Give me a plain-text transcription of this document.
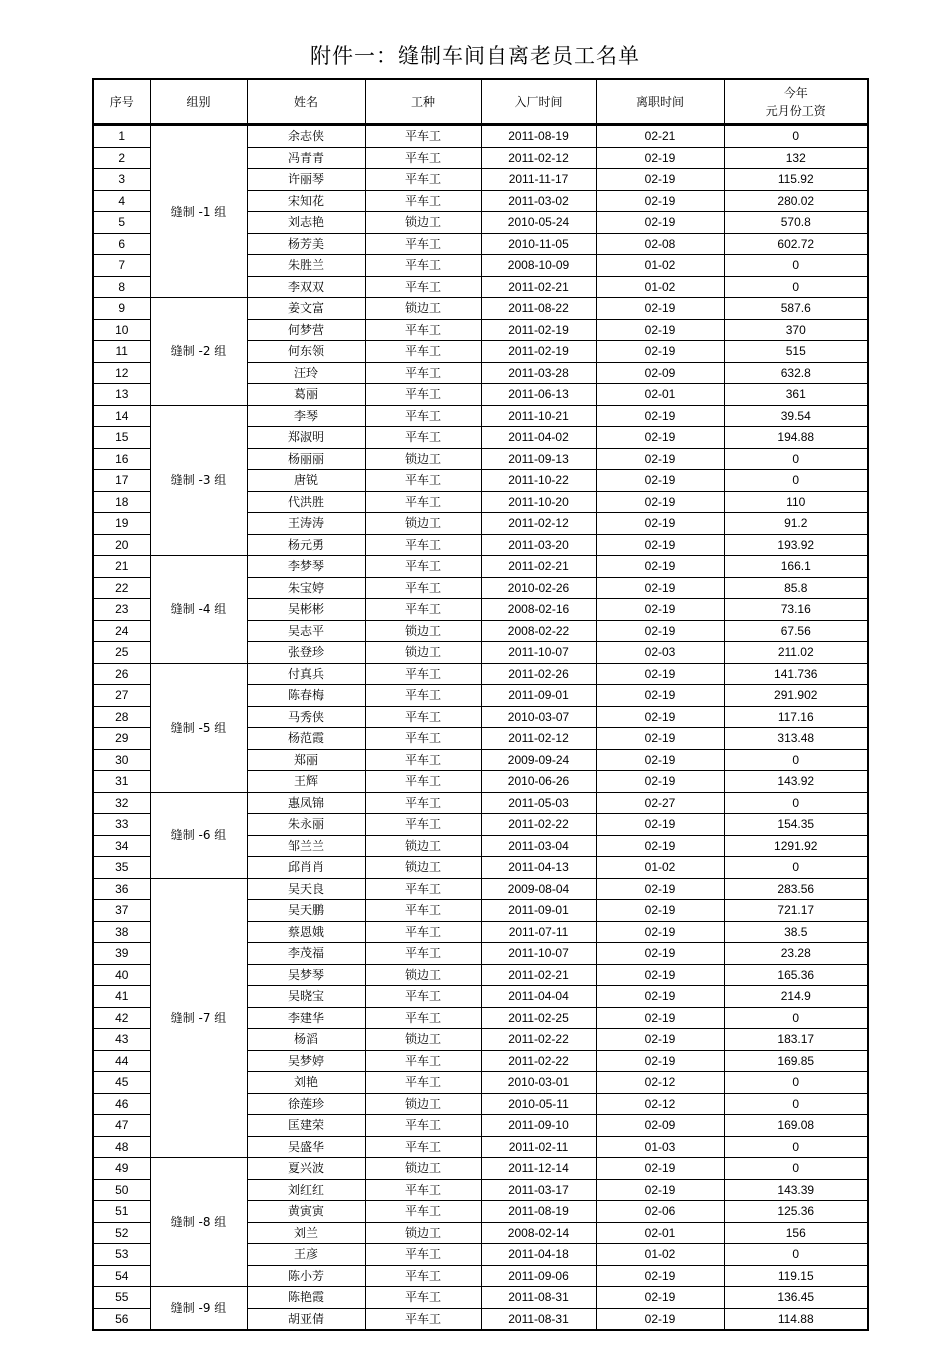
附件一：缝制车间自离老员工名单
序号	组别	姓名	工种	入厂时间	离职时间	今年
元月份工资

1	缝制 -1 组	余志侠	平车工	2011-08-19	02-21	0
2		冯青青	平车工	2011-02-12	02-19	132
3		许丽琴	平车工	2011-11-17	02-19	115.92
4		宋知花	平车工	2011-03-02	02-19	280.02
5		刘志艳	锁边工	2010-05-24	02-19	570.8
6		杨芳美	平车工	2010-11-05	02-08	602.72
7		朱胜兰	平车工	2008-10-09	01-02	0
8		李双双	平车工	2011-02-21	01-02	0
9	缝制 -2 组	姜文富	锁边工	2011-08-22	02-19	587.6
10		何梦营	平车工	2011-02-19	02-19	370
11		何东领	平车工	2011-02-19	02-19	515
12		汪玲	平车工	2011-03-28	02-09	632.8
13		葛丽	平车工	2011-06-13	02-01	361
14	缝制 -3 组	李琴	平车工	2011-10-21	02-19	39.54
15		郑淑明	平车工	2011-04-02	02-19	194.88
16		杨丽丽	锁边工	2011-09-13	02-19	0
17		唐锐	平车工	2011-10-22	02-19	0
18		代洪胜	平车工	2011-10-20	02-19	110
19		王涛涛	锁边工	2011-02-12	02-19	91.2
20		杨元勇	平车工	2011-03-20	02-19	193.92
21	缝制 -4 组	李梦琴	平车工	2011-02-21	02-19	166.1
22		朱宝婷	平车工	2010-02-26	02-19	85.8
23		吴彬彬	平车工	2008-02-16	02-19	73.16
24		吴志平	锁边工	2008-02-22	02-19	67.56
25		张登珍	锁边工	2011-10-07	02-03	211.02
26	缝制 -5 组	付真兵	平车工	2011-02-26	02-19	141.736
27		陈春梅	平车工	2011-09-01	02-19	291.902
28		马秀侠	平车工	2010-03-07	02-19	117.16
29		杨范霞	平车工	2011-02-12	02-19	313.48
30		郑丽	平车工	2009-09-24	02-19	0
31		王辉	平车工	2010-06-26	02-19	143.92
32	缝制 -6 组	惠凤锦	平车工	2011-05-03	02-27	0
33		朱永丽	平车工	2011-02-22	02-19	154.35
34		邹兰兰	锁边工	2011-03-04	02-19	1291.92
35		邱肖肖	锁边工	2011-04-13	01-02	0
36	缝制 -7 组	吴天良	平车工	2009-08-04	02-19	283.56
37		吴天鹏	平车工	2011-09-01	02-19	721.17
38		蔡恩娥	平车工	2011-07-11	02-19	38.5
39		李茂福	平车工	2011-10-07	02-19	23.28
40		吴梦琴	锁边工	2011-02-21	02-19	165.36
41		吴晓宝	平车工	2011-04-04	02-19	214.9
42		李建华	平车工	2011-02-25	02-19	0
43		杨滔	锁边工	2011-02-22	02-19	183.17
44		吴梦婷	平车工	2011-02-22	02-19	169.85
45		刘艳	平车工	2010-03-01	02-12	0
46		徐莲珍	锁边工	2010-05-11	02-12	0
47		匡建荣	平车工	2011-09-10	02-09	169.08
48		吴盛华	平车工	2011-02-11	01-03	0
49	缝制 -8 组	夏兴波	锁边工	2011-12-14	02-19	0
50		刘红红	平车工	2011-03-17	02-19	143.39
51		黄寅寅	平车工	2011-08-19	02-06	125.36
52		刘兰	锁边工	2008-02-14	02-01	156
53		王彦	平车工	2011-04-18	01-02	0
54		陈小芳	平车工	2011-09-06	02-19	119.15
55	缝制 -9 组	陈艳霞	平车工	2011-08-31	02-19	136.45
56		胡亚倩	平车工	2011-08-31	02-19	114.88
